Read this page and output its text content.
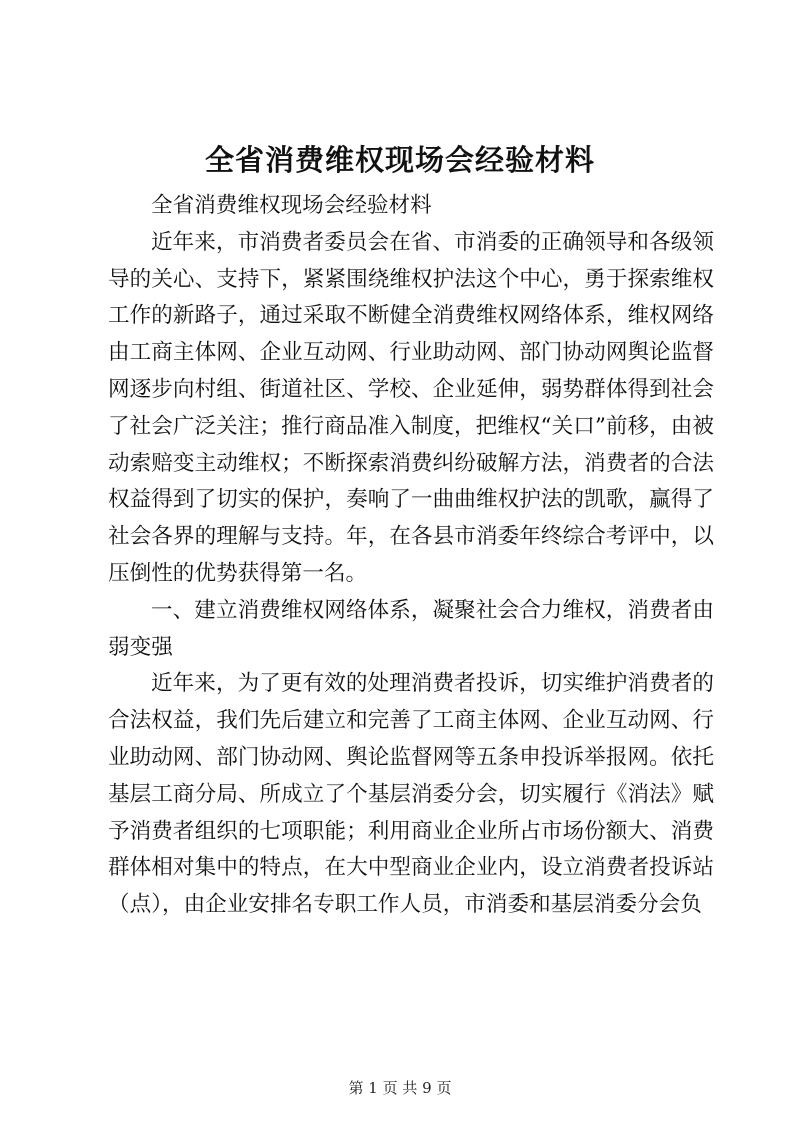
全省消费维权现场会经验材料

全省消费维权现场会经验材料

近年来，市消费者委员会在省、市消委的正确领导和各级领导的关心、支持下，紧紧围绕维权护法这个中心，勇于探索维权工作的新路子，通过采取不断健全消费维权网络体系，维权网络由工商主体网、企业互动网、行业助动网、部门协动网舆论监督网逐步向村组、街道社区、学校、企业延伸，弱势群体得到社会了社会广泛关注；推行商品准入制度，把维权“关口”前移，由被动索赔变主动维权；不断探索消费纠纷破解方法，消费者的合法权益得到了切实的保护，奏响了一曲曲维权护法的凯歌，赢得了社会各界的理解与支持。年，在各县市消委年终综合考评中，以压倒性的优势获得第一名。

一、建立消费维权网络体系，凝聚社会合力维权，消费者由弱变强

近年来，为了更有效的处理消费者投诉，切实维护消费者的合法权益，我们先后建立和完善了工商主体网、企业互动网、行业助动网、部门协动网、舆论监督网等五条申投诉举报网。依托基层工商分局、所成立了个基层消委分会，切实履行《消法》赋予消费者组织的七项职能；利用商业企业所占市场份额大、消费群体相对集中的特点，在大中型商业企业内，设立消费者投诉站（点），由企业安排名专职工作人员，市消委和基层消委分会负

第 1 页 共 9 页
